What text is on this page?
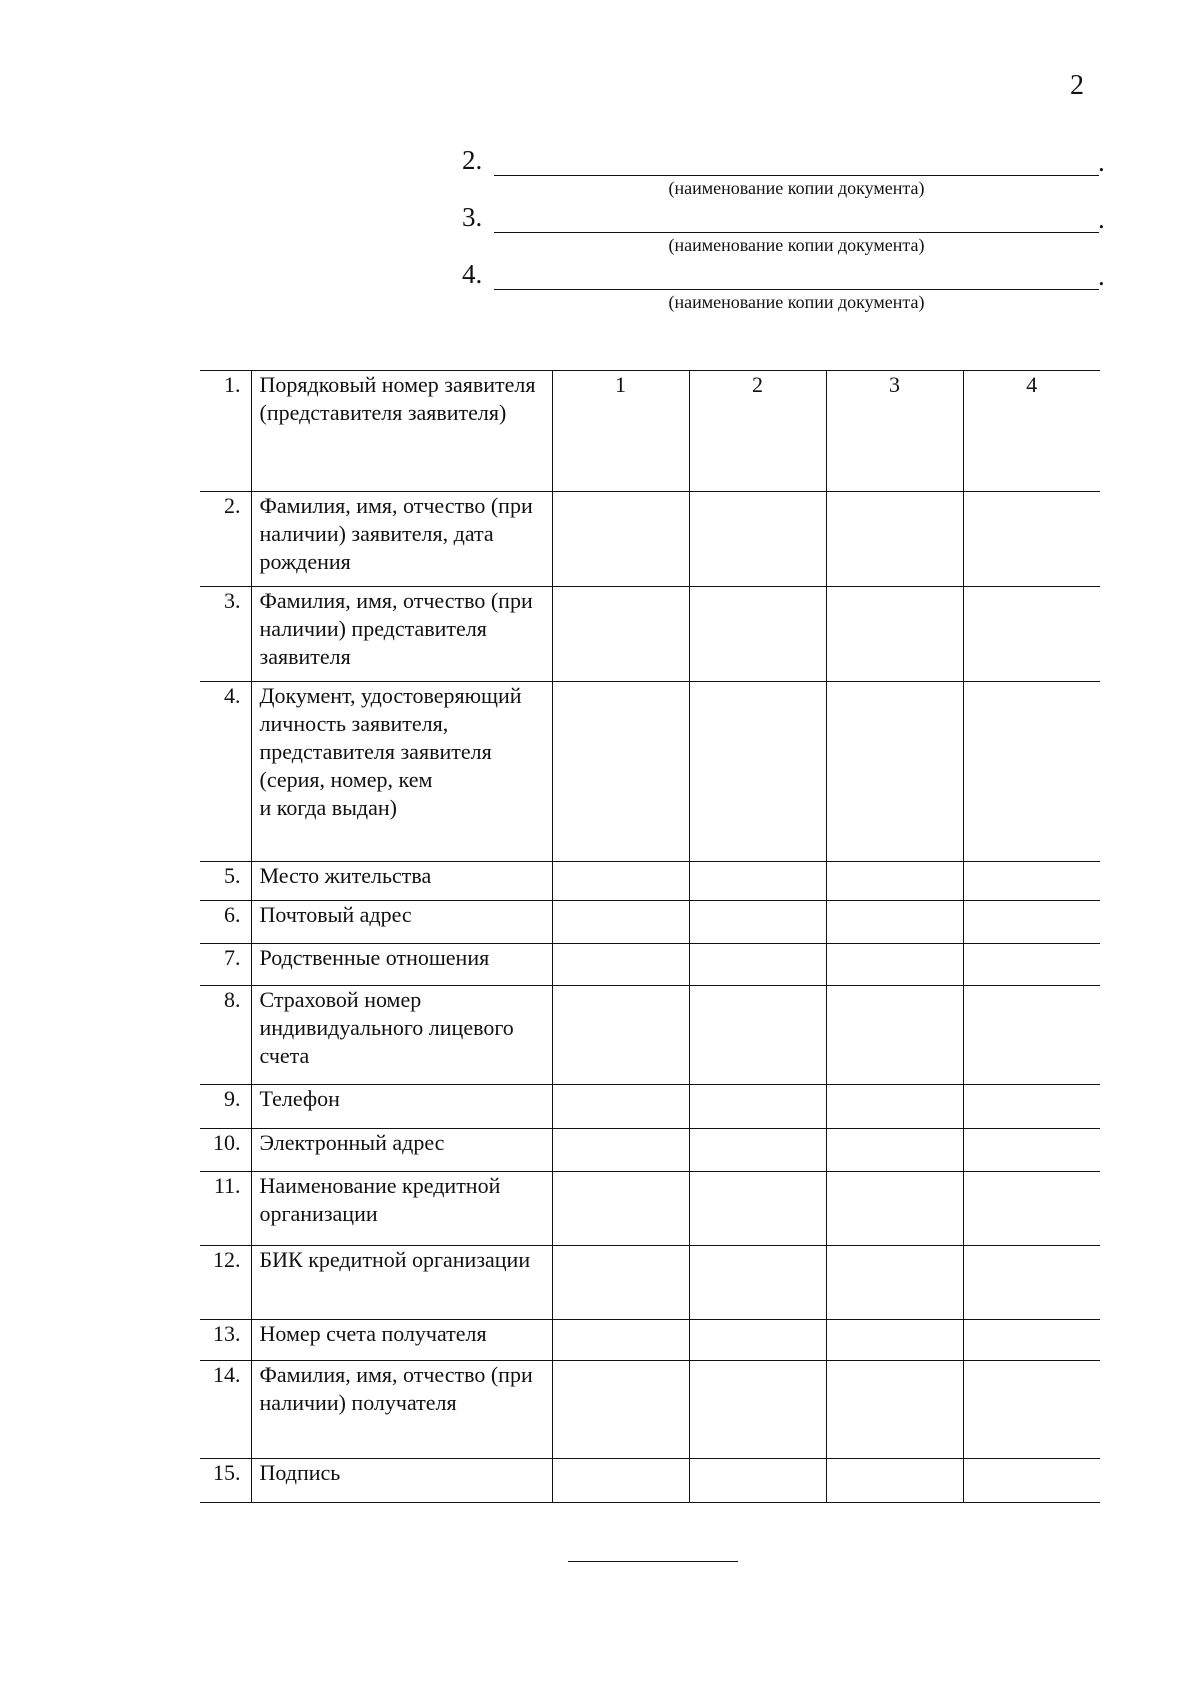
2
2.	.
(наименование копии документа)
3.	.
(наименование копии документа)
4.	.
(наименование копии документа)
1.	Порядковый номер заявителя (представителя заявителя)	1	2	3	4
2.	Фамилия, имя, отчество (при наличии) заявителя, дата рождения				
3.	Фамилия, имя, отчество (при наличии) представителя заявителя				
4.	Документ, удостоверяющий личность заявителя, представителя заявителя (серия, номер, кем
и когда выдан)				
5.	Место жительства				
6.	Почтовый адрес				
7.	Родственные отношения				
8.	Страховой номер индивидуального лицевого счета				
9.	Телефон				
10.	Электронный адрес				
11.	Наименование кредитной организации				
12.	БИК кредитной организации				
13.	Номер счета получателя				
14.	Фамилия, имя, отчество (при наличии) получателя				
15.	Подпись				
